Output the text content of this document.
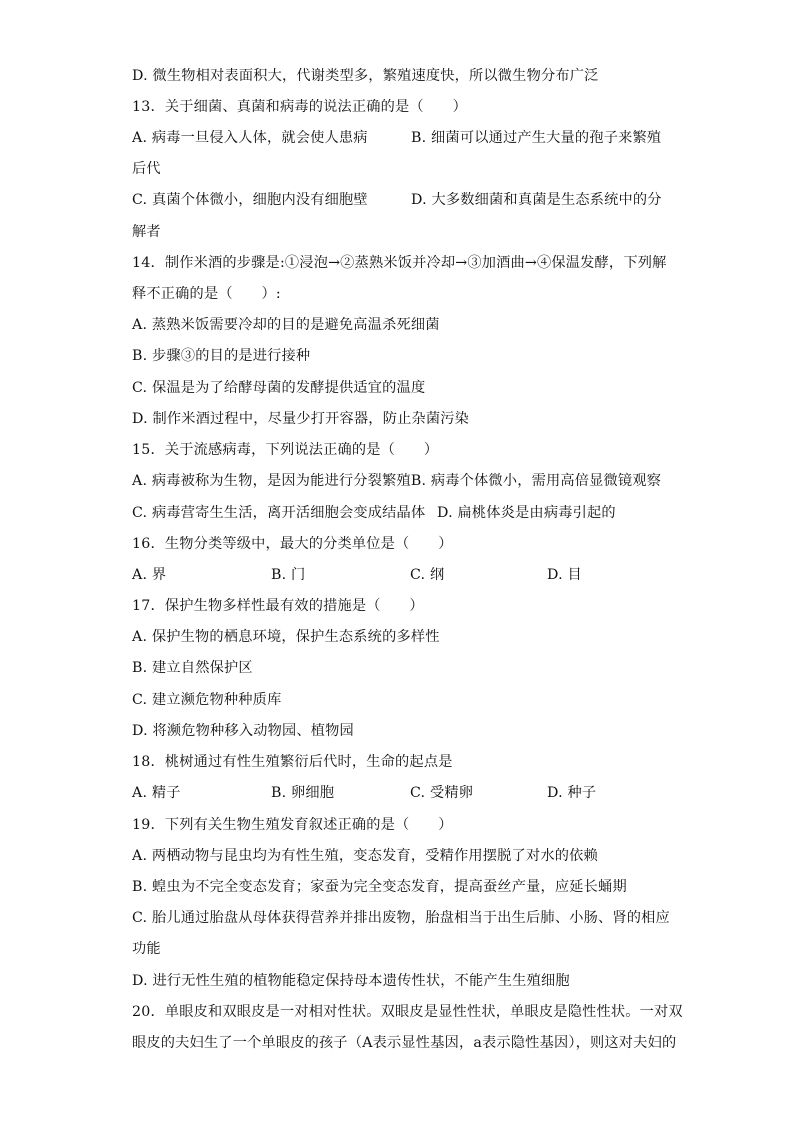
D. 微生物相对表面积大，代谢类型多，繁殖速度快，所以微生物分布广泛
13．关于细菌、真菌和病毒的说法正确的是（　　）
A. 病毒一旦侵入人体，就会使人患病	B. 细菌可以通过产生大量的孢子来繁殖
后代
C. 真菌个体微小，细胞内没有细胞壁	D. 大多数细菌和真菌是生态系统中的分
解者
14．制作米酒的步骤是:①浸泡→②蒸熟米饭并冷却→③加酒曲→④保温发酵，下列解
释不正确的是（　　）:
A. 蒸熟米饭需要冷却的目的是避免高温杀死细菌
B. 步骤③的目的是进行接种
C. 保温是为了给酵母菌的发酵提供适宜的温度
D. 制作米酒过程中，尽量少打开容器，防止杂菌污染
15．关于流感病毒，下列说法正确的是（　　）
A. 病毒被称为生物，是因为能进行分裂繁殖B. 病毒个体微小，需用高倍显微镜观察
C. 病毒营寄生生活，离开活细胞会变成结晶体 D. 扁桃体炎是由病毒引起的
16．生物分类等级中，最大的分类单位是（　　）
A. 界	B. 门	C. 纲	D. 目
17．保护生物多样性最有效的措施是（　　）
A. 保护生物的栖息环境，保护生态系统的多样性
B. 建立自然保护区
C. 建立濒危物种种质库
D. 将濒危物种移入动物园、植物园
18．桃树通过有性生殖繁衍后代时，生命的起点是
A. 精子	B. 卵细胞	C. 受精卵	D. 种子
19．下列有关生物生殖发育叙述正确的是（　　）
A. 两栖动物与昆虫均为有性生殖，变态发育，受精作用摆脱了对水的依赖
B. 蝗虫为不完全变态发育；家蚕为完全变态发育，提高蚕丝产量，应延长蛹期
C. 胎儿通过胎盘从母体获得营养并排出废物，胎盘相当于出生后肺、小肠、肾的相应
功能
D. 进行无性生殖的植物能稳定保持母本遗传性状，不能产生生殖细胞
20．单眼皮和双眼皮是一对相对性状。双眼皮是显性性状，单眼皮是隐性性状。一对双
眼皮的夫妇生了一个单眼皮的孩子（A表示显性基因，a表示隐性基因），则这对夫妇的
